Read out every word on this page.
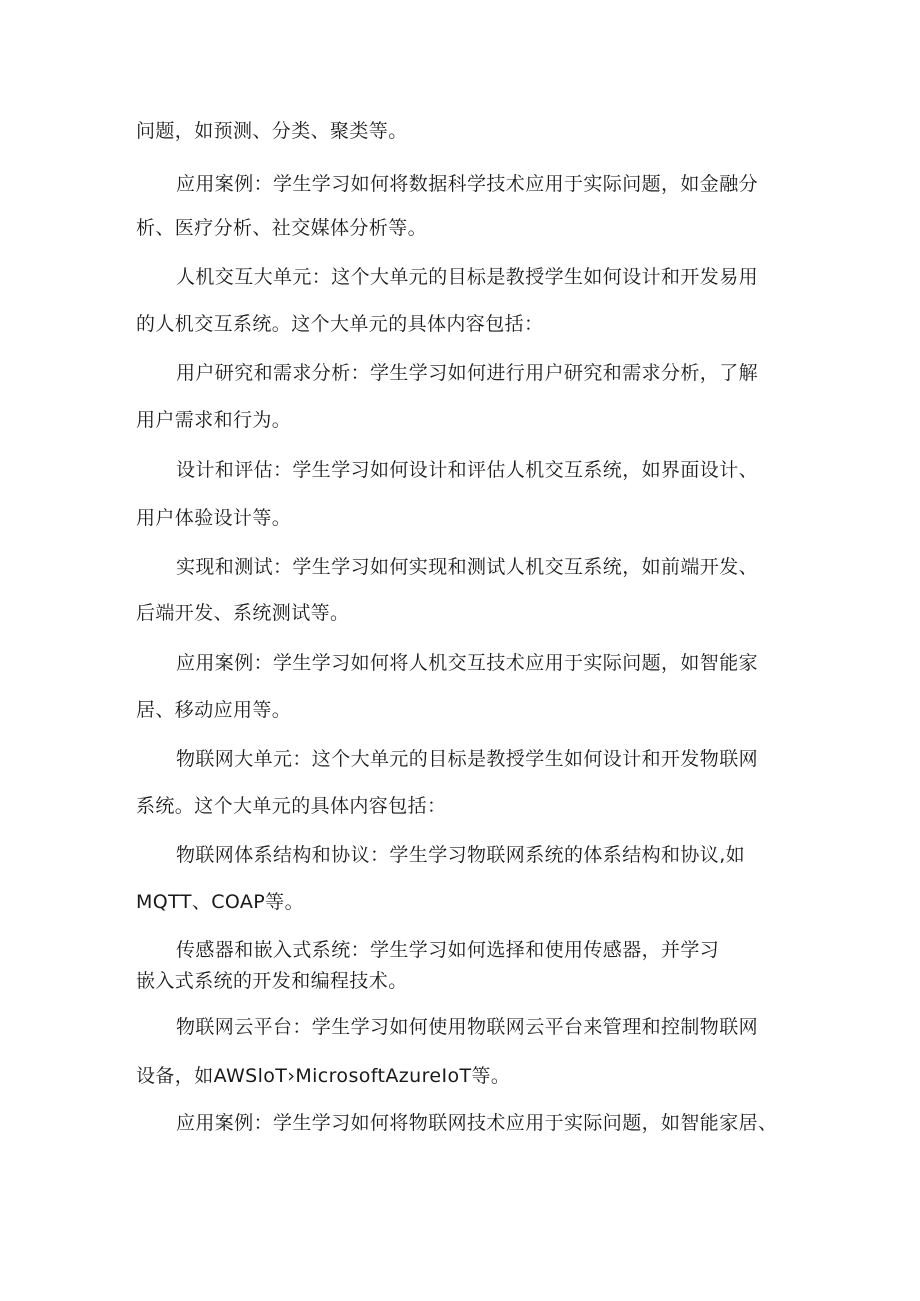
问题，如预测、分类、聚类等。
应用案例：学生学习如何将数据科学技术应用于实际问题，如金融分
析、医疗分析、社交媒体分析等。
人机交互大单元：这个大单元的目标是教授学生如何设计和开发易用
的人机交互系统。这个大单元的具体内容包括：
用户研究和需求分析：学生学习如何进行用户研究和需求分析，了解
用户需求和行为。
设计和评估：学生学习如何设计和评估人机交互系统，如界面设计、
用户体验设计等。
实现和测试：学生学习如何实现和测试人机交互系统，如前端开发、
后端开发、系统测试等。
应用案例：学生学习如何将人机交互技术应用于实际问题，如智能家
居、移动应用等。
物联网大单元：这个大单元的目标是教授学生如何设计和开发物联网
系统。这个大单元的具体内容包括：
物联网体系结构和协议：学生学习物联网系统的体系结构和协议,如
MQTT、COAP等。
传感器和嵌入式系统：学生学习如何选择和使用传感器，并学习
嵌入式系统的开发和编程技术。
物联网云平台：学生学习如何使用物联网云平台来管理和控制物联网
设备，如AWSloT›MicrosoftAzureIoT等。
应用案例：学生学习如何将物联网技术应用于实际问题，如智能家居、
